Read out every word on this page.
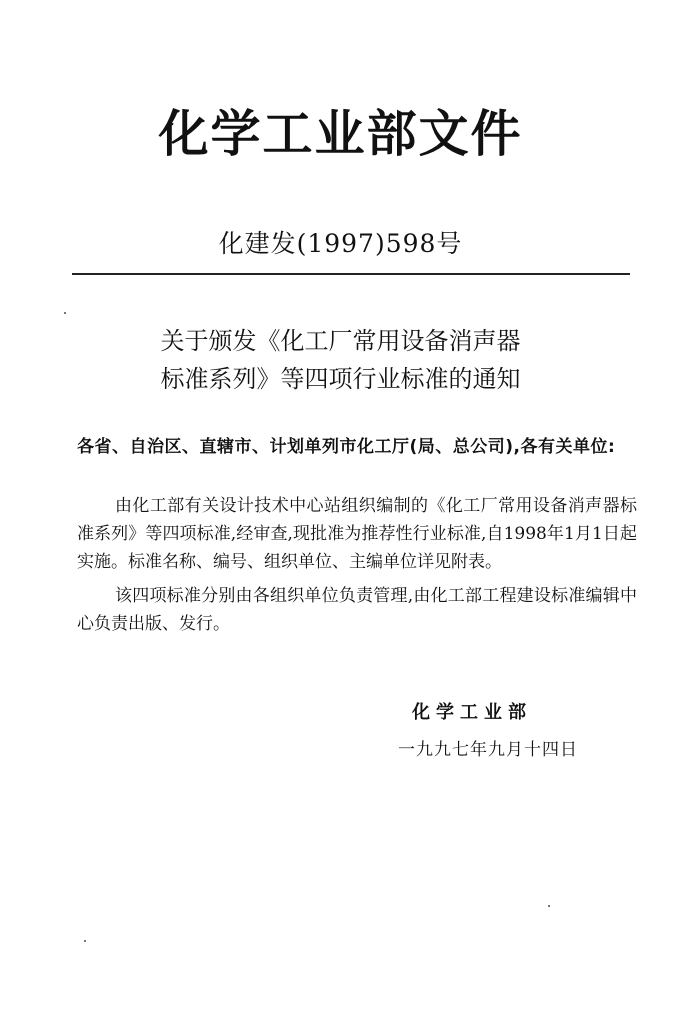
化学工业部文件
化建发(1997)598号
关于颁发《化工厂常用设备消声器
标准系列》等四项行业标准的通知
各省、自治区、直辖市、计划单列市化工厅(局、总公司),各有关单位:

由化工部有关设计技术中心站组织编制的《化工厂常用设备消声器标准系列》等四项标准,经审查,现批准为推荐性行业标准,自1998年1月1日起实施。标准名称、编号、组织单位、主编单位详见附表。

该四项标准分别由各组织单位负责管理,由化工部工程建设标准编辑中心负责出版、发行。

化学工业部
一九九七年九月十四日
